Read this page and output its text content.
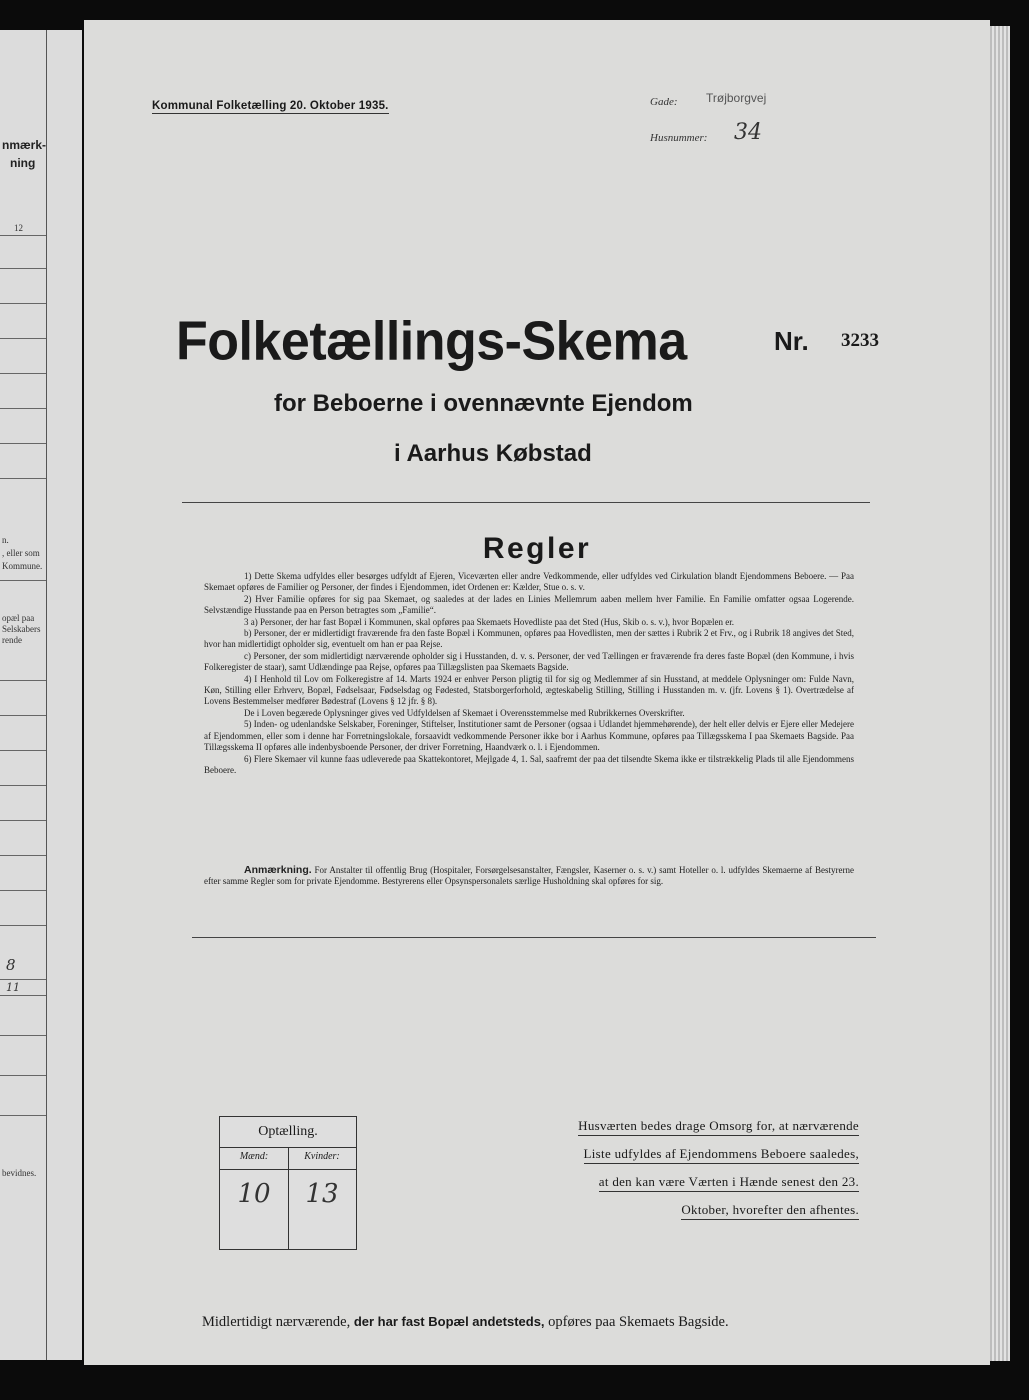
nmærk-
ning
12
n.
, eller som
Kommune.
opæl paa
Selskabers
rende
8
11
bevidnes.
Kommunal Folketælling 20. Oktober 1935.	Gade: Trøjborgvej
Husnummer: 34
Folketællings-Skema	Nr. 3233
for Beboerne i ovennævnte Ejendom
i Aarhus Købstad
Regler

1) Dette Skema udfyldes eller besørges udfyldt af Ejeren, Viceværten eller andre Vedkommende, eller udfyldes ved Cirkulation blandt Ejendommens Beboere. — Paa Skemaet opføres de Familier og Personer, der findes i Ejendommen, idet Ordenen er: Kælder, Stue o. s. v.

2) Hver Familie opføres for sig paa Skemaet, og saaledes at der lades en Linies Mellemrum aaben mellem hver Familie. En Familie omfatter ogsaa Logerende. Selvstændige Husstande paa en Person betragtes som „Familie“.

3 a) Personer, der har fast Bopæl i Kommunen, skal opføres paa Skemaets Hovedliste paa det Sted (Hus, Skib o. s. v.), hvor Bopælen er.

b) Personer, der er midlertidigt fraværende fra den faste Bopæl i Kommunen, opføres paa Hovedlisten, men der sættes i Rubrik 2 et Frv., og i Rubrik 18 angives det Sted, hvor han midlertidigt opholder sig, eventuelt om han er paa Rejse.

c) Personer, der som midlertidigt nærværende opholder sig i Husstanden, d. v. s. Personer, der ved Tællingen er fraværende fra deres faste Bopæl (den Kommune, i hvis Folkeregister de staar), samt Udlændinge paa Rejse, opføres paa Tillægslisten paa Skemaets Bagside.

4) I Henhold til Lov om Folkeregistre af 14. Marts 1924 er enhver Person pligtig til for sig og Medlemmer af sin Husstand, at meddele Oplysninger om: Fulde Navn, Køn, Stilling eller Erhverv, Bopæl, Fødselsaar, Fødselsdag og Fødested, Statsborgerforhold, ægteskabelig Stilling, Stilling i Husstanden m. v. (jfr. Lovens § 1). Overtrædelse af Lovens Bestemmelser medfører Bødestraf (Lovens § 12 jfr. § 8).

De i Loven begærede Oplysninger gives ved Udfyldelsen af Skemaet i Overensstemmelse med Rubrikkernes Overskrifter.

5) Inden- og udenlandske Selskaber, Foreninger, Stiftelser, Institutioner samt de Personer (ogsaa i Udlandet hjemmehørende), der helt eller delvis er Ejere eller Medejere af Ejendommen, eller som i denne har Forretningslokale, forsaavidt vedkommende Personer ikke bor i Aarhus Kommune, opføres paa Tillægsskema I paa Skemaets Bagside. Paa Tillægsskema II opføres alle indenbysboende Personer, der driver Forretning, Haandværk o. l. i Ejendommen.

6) Flere Skemaer vil kunne faas udleverede paa Skattekontoret, Mejlgade 4, 1. Sal, saafremt der paa det tilsendte Skema ikke er tilstrækkelig Plads til alle Ejendommens Beboere.

Anmærkning. For Anstalter til offentlig Brug (Hospitaler, Forsørgelsesanstalter, Fængsler, Kaserner o. s. v.) samt Hoteller o. l. udfyldes Skemaerne af Bestyrerne efter samme Regler som for private Ejendomme. Bestyrerens eller Opsynspersonalets særlige Husholdning skal opføres for sig.

Optælling.
Mænd:	Kvinder:
10	13
Husværten bedes drage Omsorg for, at nærværende
Liste udfyldes af Ejendommens Beboere saaledes,
at den kan være Værten i Hænde senest den 23.
Oktober, hvorefter den afhentes.
Midlertidigt nærværende, der har fast Bopæl andetsteds, opføres paa Skemaets Bagside.
